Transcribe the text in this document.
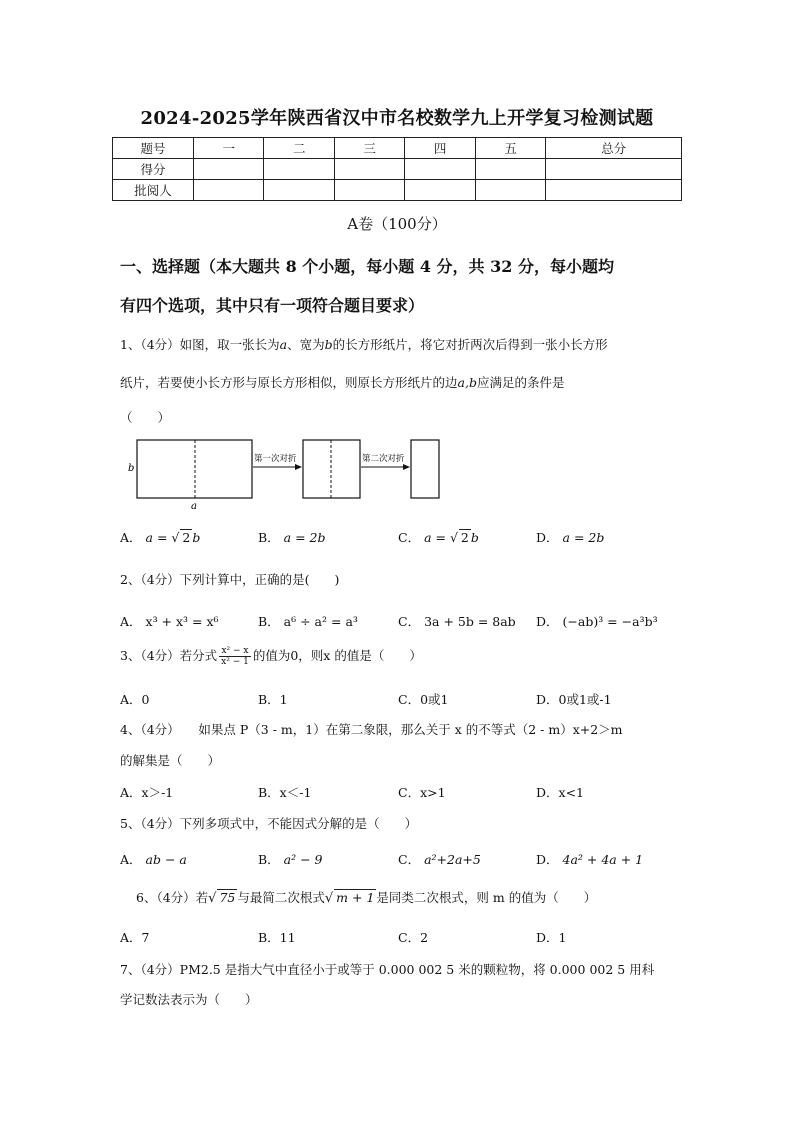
2024-2025学年陕西省汉中市名校数学九上开学复习检测试题
题号	一	二	三	四	五	总分
得分						
批阅人						
A卷（100分）
一、选择题（本大题共 8 个小题，每小题 4 分，共 32 分，每小题均
有四个选项，其中只有一项符合题目要求）
1、（4分）如图，取一张长为a、宽为b的长方形纸片，将它对折两次后得到一张小长方形
纸片，若要使小长方形与原长方形相似，则原长方形纸片的边a,b应满足的条件是
（　　）
b
a
第一次对折	第二次对折
A． a = √ 2 b	B． a = 2b	C． a = √ 2 b	D． a = 2b
2、（4分）下列计算中，正确的是(　　)
A． x³ + x³ = x⁶	B． a⁶ ÷ a² = a³	C． 3a + 5b = 8ab D． (−ab)³ = −a³b³
3、（4分）若分式 $\frac{\text{x² − x}}{\text{x² − 1}}$ 的值为0，则x 的值是（　　）
A．0	B．1	C．0或1	D．0或1或-1
4、（4分）　　如果点 P（3 - m，1）在第二象限，那么关于 x 的不等式（2 - m）x+2＞m
的解集是（　　）
A．x＞-1	B．x＜-1	C．x>1	D．x<1
5、（4分）下列多项式中，不能因式分解的是（　　）
A． ab − a	B． a² − 9	C． a²+2a+5	D． 4a² + 4a + 1
6、（4分）若√ 75 与最简二次根式√ m + 1 是同类二次根式，则 m 的值为（　　）
A．7	B．11	C．2	D．1
7、（4分）PM2.5 是指大气中直径小于或等于 0.000 002 5 米的颗粒物，将 0.000 002 5 用科
学记数法表示为（　　）
